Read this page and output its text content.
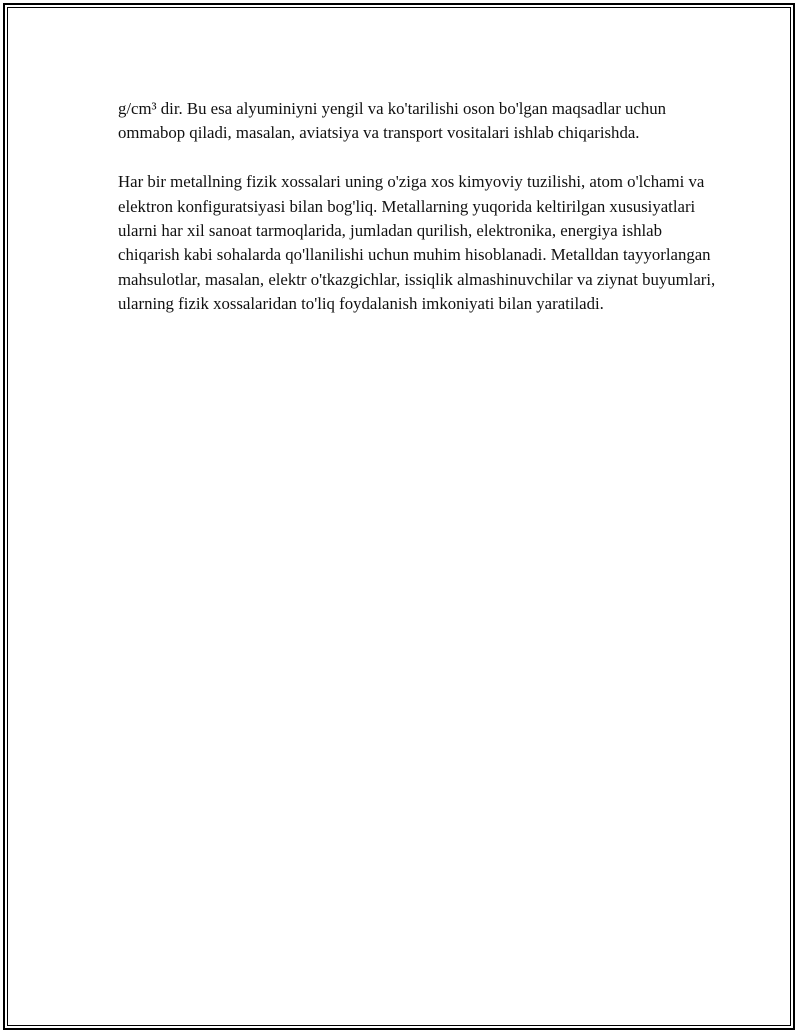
g/cm³ dir. Bu esa alyuminiyni yengil va ko'tarilishi oson bo'lgan maqsadlar uchun ommabop qiladi, masalan, aviatsiya va transport vositalari ishlab chiqarishda.

Har bir metallning fizik xossalari uning o'ziga xos kimyoviy tuzilishi, atom o'lchami va elektron konfiguratsiyasi bilan bog'liq. Metallarning yuqorida keltirilgan xususiyatlari ularni har xil sanoat tarmoqlarida, jumladan qurilish, elektronika, energiya ishlab chiqarish kabi sohalarda qo'llanilishi uchun muhim hisoblanadi. Metalldan tayyorlangan mahsulotlar, masalan, elektr o'tkazgichlar, issiqlik almashinuvchilar va ziynat buyumlari, ularning fizik xossalaridan to'liq foydalanish imkoniyati bilan yaratiladi.
